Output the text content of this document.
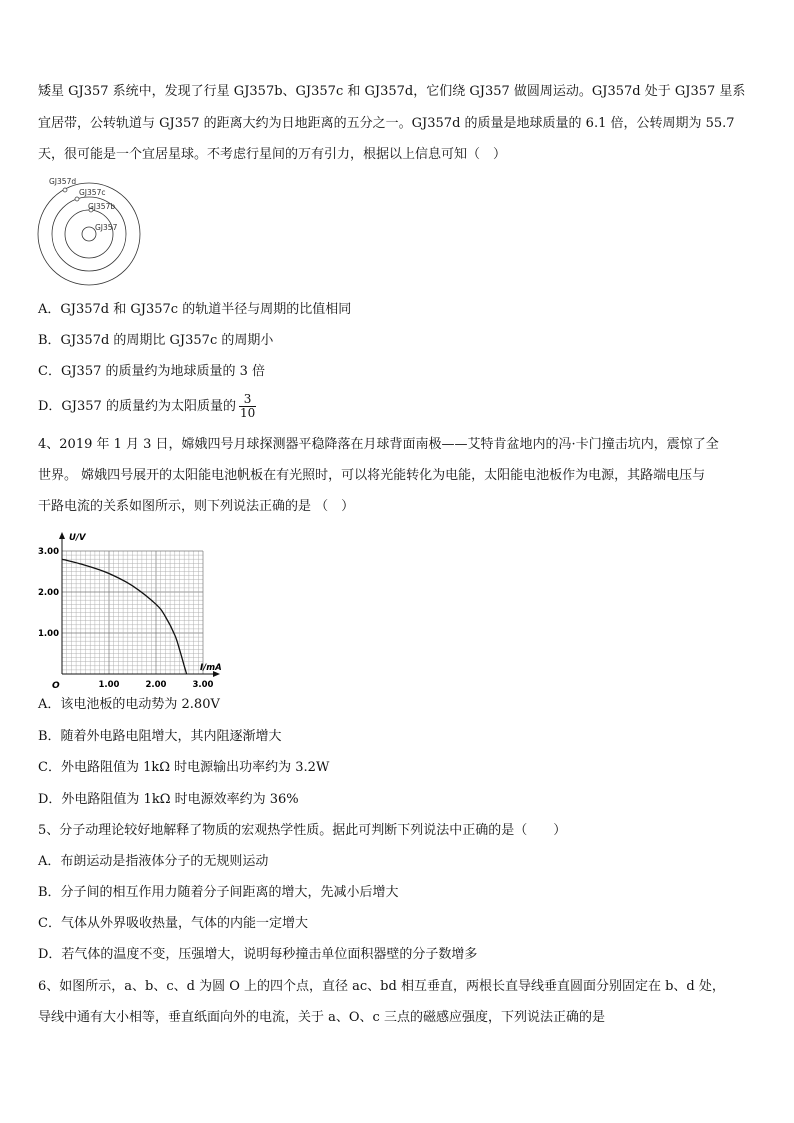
矮星 GJ357 系统中，发现了行星 GJ357b、GJ357c 和 GJ357d，它们绕 GJ357 做圆周运动。GJ357d 处于 GJ357 星系
宜居带，公转轨道与 GJ357 的距离大约为日地距离的五分之一。GJ357d 的质量是地球质量的 6.1 倍，公转周期为 55.7
天，很可能是一个宜居星球。不考虑行星间的万有引力，根据以上信息可知（　）
GJ357d
GJ357c
GJ357b
GJ357
A．GJ357d 和 GJ357c 的轨道半径与周期的比值相同
B．GJ357d 的周期比 GJ357c 的周期小
C．GJ357 的质量约为地球质量的 3 倍
D．GJ357 的质量约为太阳质量的 $\frac{3}{10}$
4、2019 年 1 月 3 日，嫦娥四号月球探测器平稳降落在月球背面南极——艾特肯盆地内的冯·卡门撞击坑内，震惊了全
世界。 嫦娥四号展开的太阳能电池帆板在有光照时，可以将光能转化为电能，太阳能电池板作为电源，其路端电压与
干路电流的关系如图所示，则下列说法正确的是 （　）
1.00	2.00	3.00
1.00
2.00
3.00
U/V
I/mA
O
A．该电池板的电动势为 2.80V
B．随着外电路电阻增大，其内阻逐渐增大
C．外电路阻值为 1kΩ 时电源输出功率约为 3.2W
D．外电路阻值为 1kΩ 时电源效率约为 36%
5、分子动理论较好地解释了物质的宏观热学性质。据此可判断下列说法中正确的是（　　）
A．布朗运动是指液体分子的无规则运动
B．分子间的相互作用力随着分子间距离的增大，先减小后增大
C．气体从外界吸收热量，气体的内能一定增大
D．若气体的温度不变，压强增大，说明每秒撞击单位面积器壁的分子数增多
6、如图所示，a、b、c、d 为圆 O 上的四个点，直径 ac、bd 相互垂直，两根长直导线垂直圆面分别固定在 b、d 处，
导线中通有大小相等，垂直纸面向外的电流，关于 a、O、c 三点的磁感应强度，下列说法正确的是
